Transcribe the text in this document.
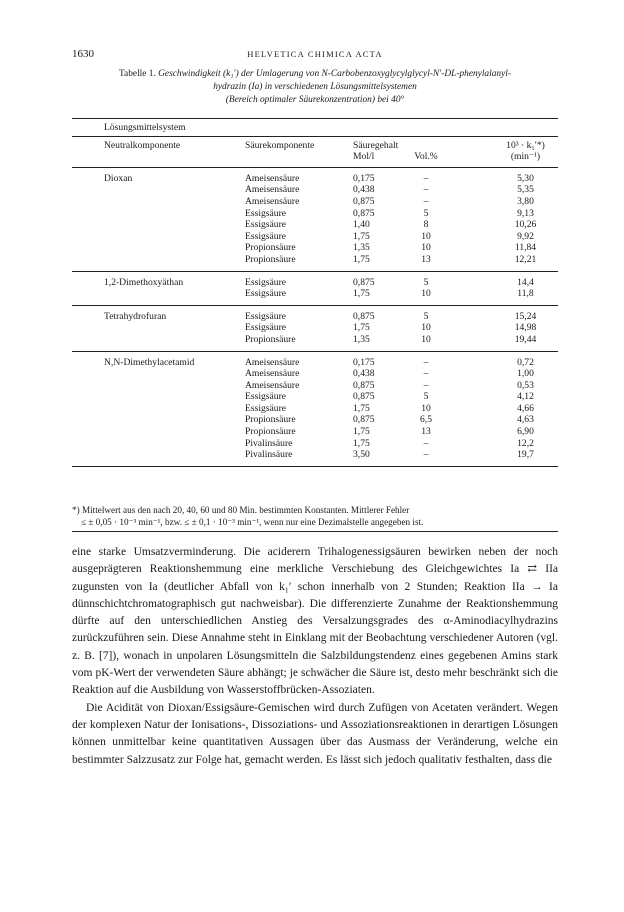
1630	HELVETICA CHIMICA ACTA
Tabelle 1. Geschwindigkeit (k₁′) der Umlagerung von N-Carbobenzoxyglycylglycyl-N′-DL-phenylalanyl-
hydrazin (Ia) in verschiedenen Lösungsmittelsystemen
(Bereich optimaler Säurekonzentration) bei 40°
Lösungsmittelsystem				
Neutralkomponente	Säurekomponente	Säuregehalt		10³ · k₁′*)
		Mol/l	Vol.%	(min⁻¹)
Dioxan	Ameisensäure	0,175	–	5,30
	Ameisensäure	0,438	–	5,35
	Ameisensäure	0,875	–	3,80
	Essigsäure	0,875	5	9,13
	Essigsäure	1,40	8	10,26
	Essigsäure	1,75	10	9,92
	Propionsäure	1,35	10	11,84
	Propionsäure	1,75	13	12,21
1,2-Dimethoxyäthan	Essigsäure	0,875	5	14,4
	Essigsäure	1,75	10	11,8
Tetrahydrofuran	Essigsäure	0,875	5	15,24
	Essigsäure	1,75	10	14,98
	Propionsäure	1,35	10	19,44
N,N-Dimethylacetamid	Ameisensäure	0,175	–	0,72
	Ameisensäure	0,438	–	1,00
	Ameisensäure	0,875	–	0,53
	Essigsäure	0,875	5	4,12
	Essigsäure	1,75	10	4,66
	Propionsäure	0,875	6,5	4,63
	Propionsäure	1,75	13	6,90
	Pivalinsäure	1,75	–	12,2
	Pivalinsäure	3,50	–	19,7
*) Mittelwert aus den nach 20, 40, 60 und 80 Min. bestimmten Konstanten. Mittlerer Fehler
≤ ± 0,05 · 10⁻³ min⁻¹, bzw. ≤ ± 0,1 · 10⁻³ min⁻¹, wenn nur eine Dezimalstelle angegeben ist.

eine starke Umsatzverminderung. Die aciderern Trihalogenessigsäuren bewirken neben der noch ausgeprägteren Reaktionshemmung eine merkliche Verschiebung des Gleichgewichtes Ia ⇄ IIa zugunsten von Ia (deutlicher Abfall von k₁′ schon innerhalb von 2 Stunden; Reaktion IIa → Ia dünnschichtchromatographisch gut nachweisbar). Die differenzierte Zunahme der Reaktionshemmung dürfte auf den unterschiedlichen Anstieg des Versalzungsgrades des α-Aminodiacylhydrazins zurückzuführen sein. Diese Annahme steht in Einklang mit der Beobachtung verschiedener Autoren (vgl. z. B. [7]), wonach in unpolaren Lösungsmitteln die Salzbildungstendenz eines gegebenen Amins stark vom pK-Wert der verwendeten Säure abhängt; je schwächer die Säure ist, desto mehr beschränkt sich die Reaktion auf die Ausbildung von Wasserstoffbrücken-Assoziaten.

Die Acidität von Dioxan/Essigsäure-Gemischen wird durch Zufügen von Acetaten verändert. Wegen der komplexen Natur der Ionisations-, Dissoziations- und Assoziationsreaktionen in derartigen Lösungen können unmittelbar keine quantitativen Aussagen über das Ausmass der Veränderung, welche ein bestimmter Salzzusatz zur Folge hat, gemacht werden. Es lässt sich jedoch qualitativ festhalten, dass die
